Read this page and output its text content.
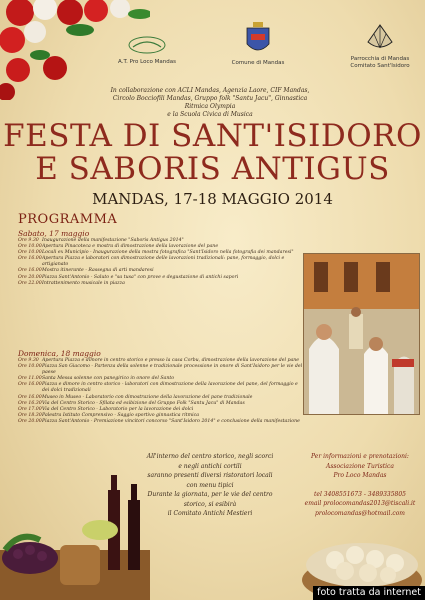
A.T. Pro Loco Mandas	Comune di Mandas
Parrocchia di Mandas
Comitato Sant'Isidoro
In collaborazione con ACLI Mandas, Agenzia Laore, CIF Mandas,
Circolo Bocciofili Mandas, Gruppo folk "Santu Jacu", Ginnastica Ritmica Olympia
e la Scuola Civica di Musica
FESTA DI SANT'ISIDORO
E SABORIS ANTIGUS
MANDAS, 17-18 MAGGIO 2014
PROGRAMMA
Sabato, 17 maggio
Ore 9.30 Inaugurazione della manifestazione "Saboris Antigus 2014"
Ore 10.00 Apertura Pinacoteca e mostra di dimostrazione della lavorazione del pane
Ore 10.00 Locali ex Municipio - Inaugurazione della mostra fotografica "Sant'Isidoro nella fotografia dei mandaresi"
Ore 16.00 Apertura Piazza e laboratori con dimostrazione delle lavorazioni tradizionali: pane, formaggio, dolci e artigianato
Ore 16.00 Mostra itinerante - Rassegna di arti mandaresi
Ore 20.00 Piazza Sant'Antonio - Saluto e "sa tusa" con prove e degustazione di antichi sapori
Ore 22.00 Intrattenimento musicale in piazza
Domenica, 18 maggio
Ore 9.30 Apertura Piazza e dimore in centro storico e presso la casa Corbu, dimostrazione della lavorazione del pane
Ore 10.00 Piazza San Giacomo - Partenza della solenne e tradizionale processione in onore di Sant'Isidoro per le vie del paese
Ore 11.00 Santa Messa solenne con panegirico in onore del Santo
Ore 16.00 Piazza e dimore in centro storico - laboratori con dimostrazione della lavorazione del pane, del formaggio e dei dolci tradizionali
Ore 16.00 Museo in Museo - Laboratorio con dimostrazione della lavorazione del pane tradizionale
Ore 16.30 Via del Centro Storico - Sfilata ed esibizione del Gruppo Folk "Santu Jacu" di Mandas
Ore 17.00 Via del Centro Storico - Laboratorio per la lavorazione dei dolci
Ore 18.30 Palestra Istituto Comprensivo - Saggio sportivo ginnastica ritmica
Ore 20.00 Piazza Sant'Antonio - Premiazione vincitori concorso "Sant'Isidoro 2014" e conclusione della manifestazione
All'interno del centro storico, negli scorci
e negli antichi cortili
saranno presenti diversi ristoratori locali
con menu tipici
Durante la giornata, per le vie del centro
storico, si esibirà
il Comitato Antichi Mestieri
Per informazioni e prenotazioni:
Associazione Turistica
Pro Loco Mandas
tel 3408551673 - 3489335805
email prolocomandas2013@tiscali.it
prolocomandas@hotmail.com
foto tratta da internet
